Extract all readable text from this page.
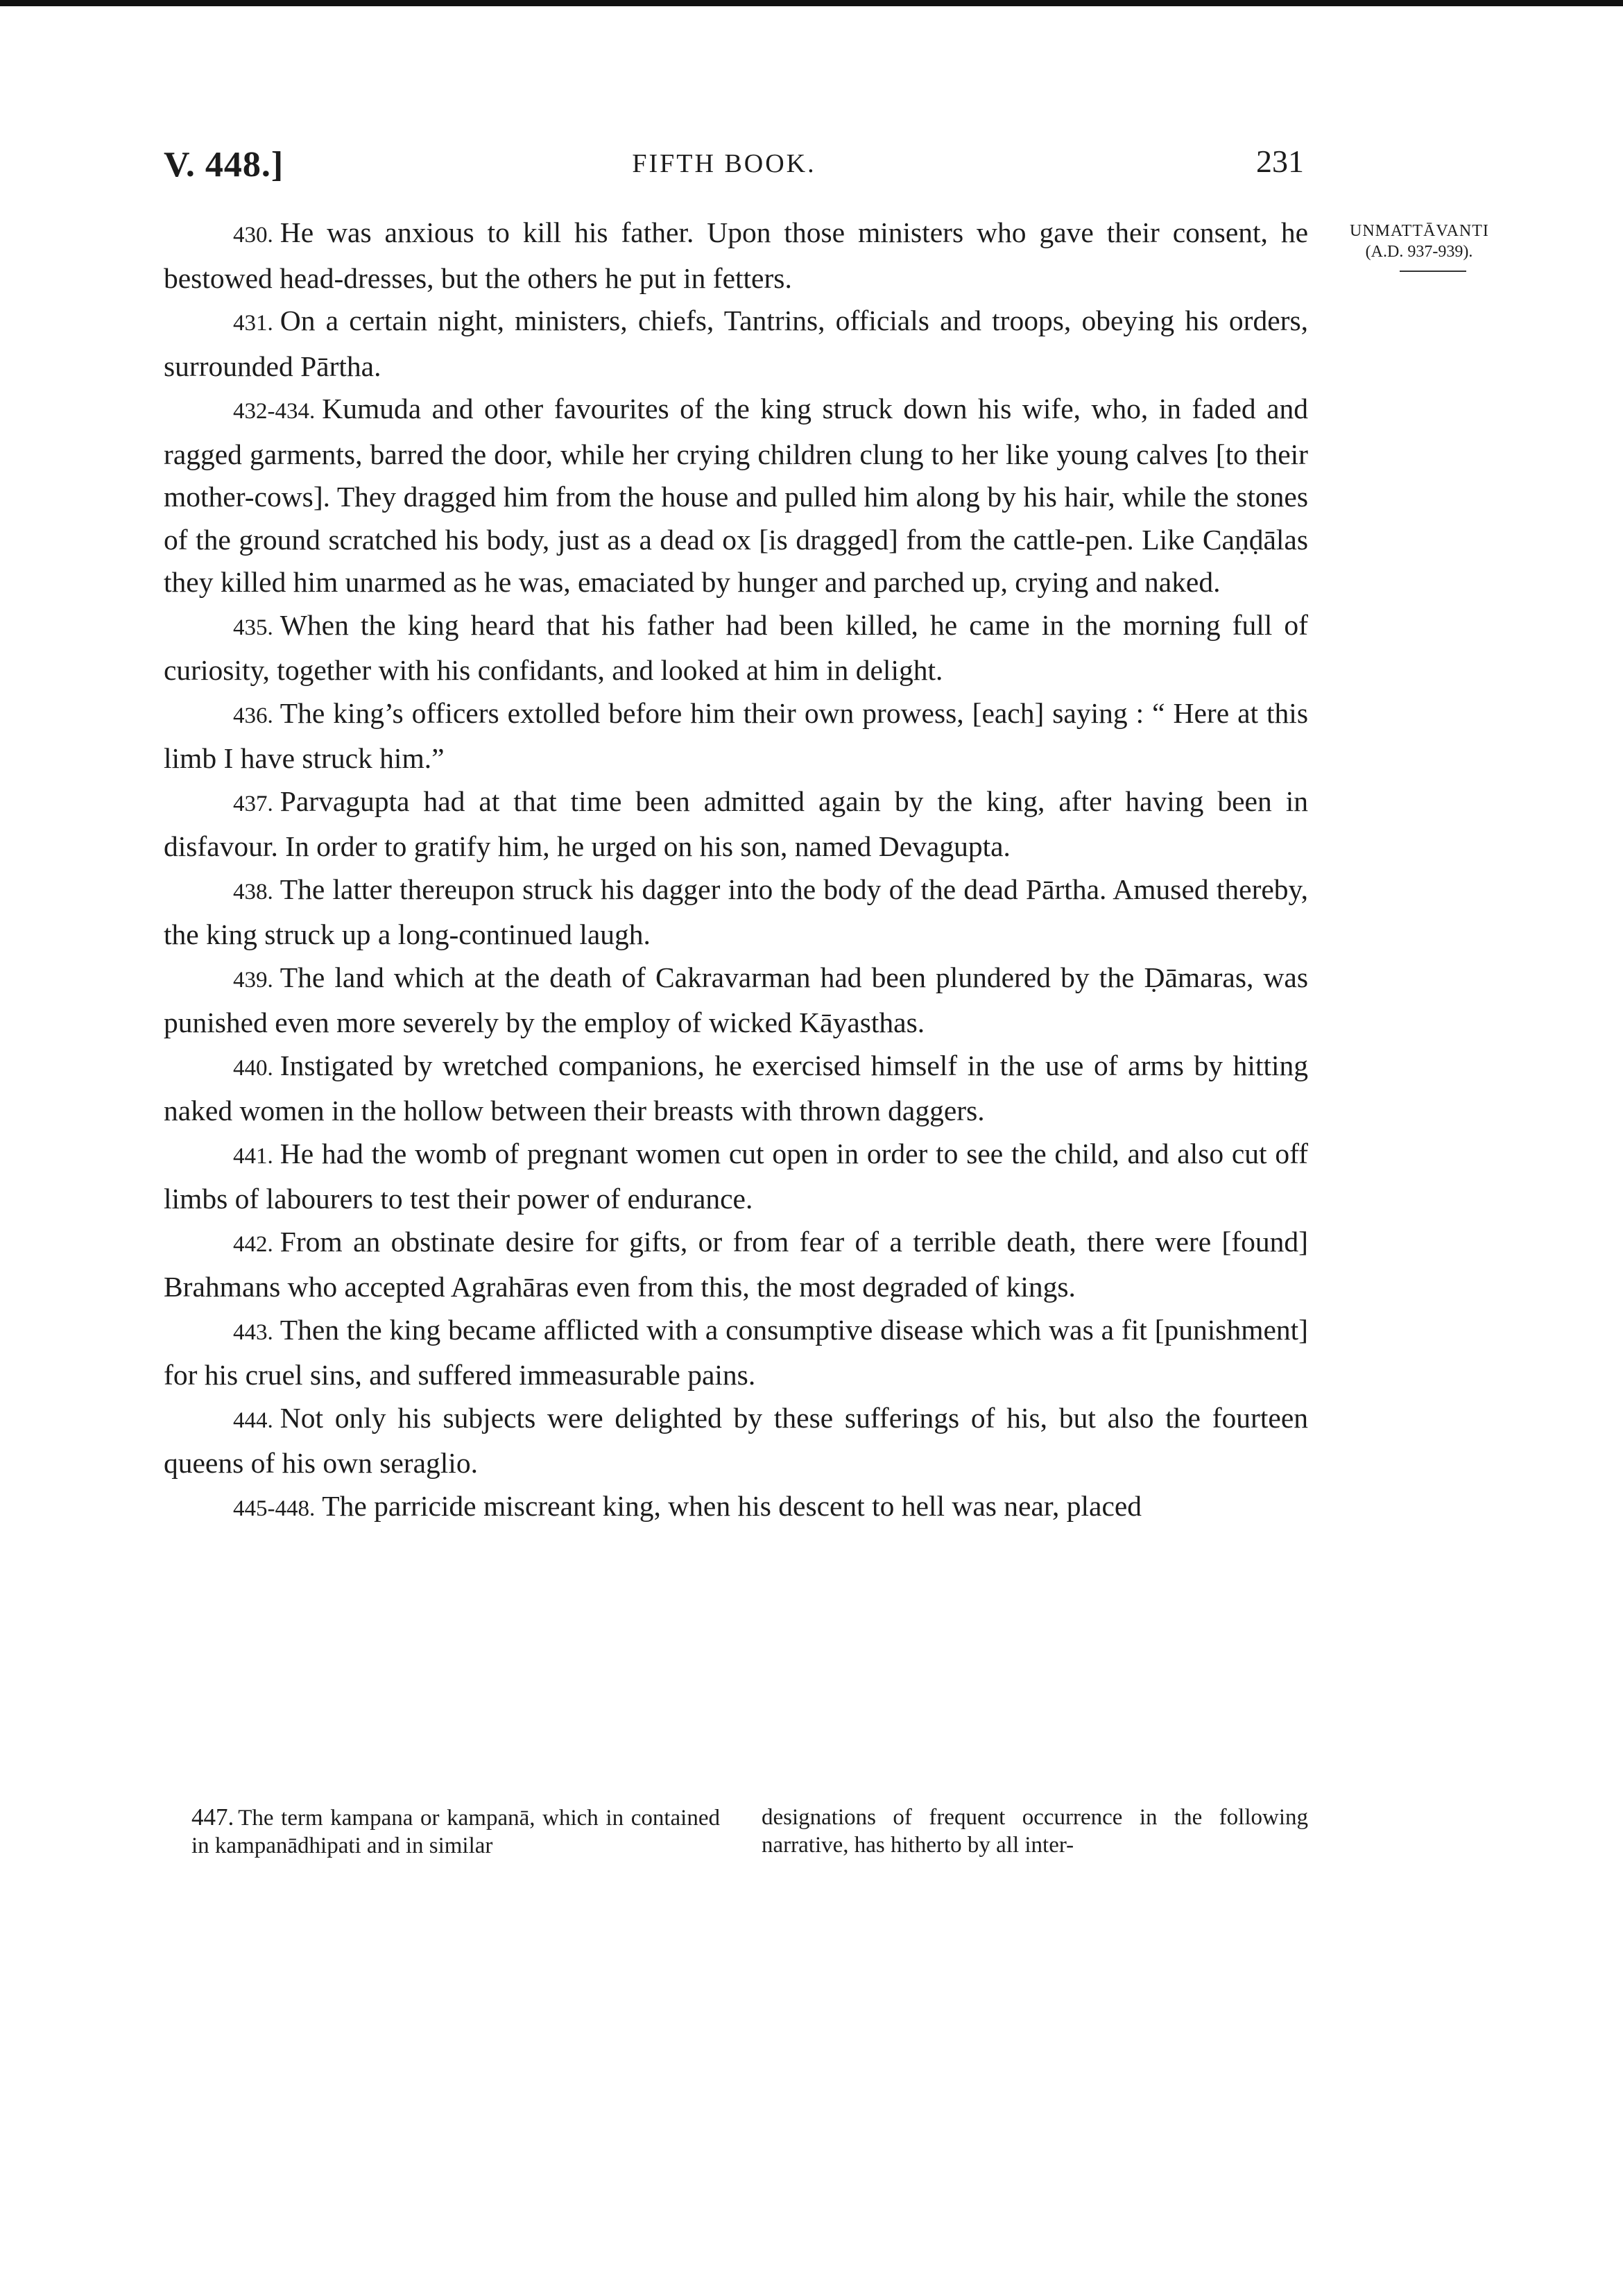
V. 448.]	FIFTH BOOK.	231
UNMATTĀVANTI
(A.D. 937-939).

430. He was anxious to kill his father. Upon those ministers who gave their consent, he bestowed head-dresses, but the others he put in fetters.

431. On a certain night, ministers, chiefs, Tantrins, officials and troops, obeying his orders, surrounded Pārtha.

432-434. Kumuda and other favourites of the king struck down his wife, who, in faded and ragged garments, barred the door, while her crying children clung to her like young calves [to their mother-cows]. They dragged him from the house and pulled him along by his hair, while the stones of the ground scratched his body, just as a dead ox [is dragged] from the cattle-pen. Like Caṇḍālas they killed him unarmed as he was, emaciated by hunger and parched up, crying and naked.

435. When the king heard that his father had been killed, he came in the morning full of curiosity, together with his confidants, and looked at him in delight.

436. The king’s officers extolled before him their own prowess, [each] saying : “ Here at this limb I have struck him.”

437. Parvagupta had at that time been admitted again by the king, after having been in disfavour. In order to gratify him, he urged on his son, named Devagupta.

438. The latter thereupon struck his dagger into the body of the dead Pārtha. Amused thereby, the king struck up a long-continued laugh.

439. The land which at the death of Cakravarman had been plundered by the Ḍāmaras, was punished even more severely by the employ of wicked Kāyasthas.

440. Instigated by wretched companions, he exercised himself in the use of arms by hitting naked women in the hollow between their breasts with thrown daggers.

441. He had the womb of pregnant women cut open in order to see the child, and also cut off limbs of labourers to test their power of endurance.

442. From an obstinate desire for gifts, or from fear of a terrible death, there were [found] Brahmans who accepted Agrahāras even from this, the most degraded of kings.

443. Then the king became afflicted with a consumptive disease which was a fit [punishment] for his cruel sins, and suffered immeasurable pains.

444. Not only his subjects were delighted by these sufferings of his, but also the fourteen queens of his own seraglio.

445-448. The parricide miscreant king, when his descent to hell was near, placed

447. The term kampana or kampanā, which in contained in kampanādhipati and in similar
designations of frequent occurrence in the following narrative, has hitherto by all inter-
